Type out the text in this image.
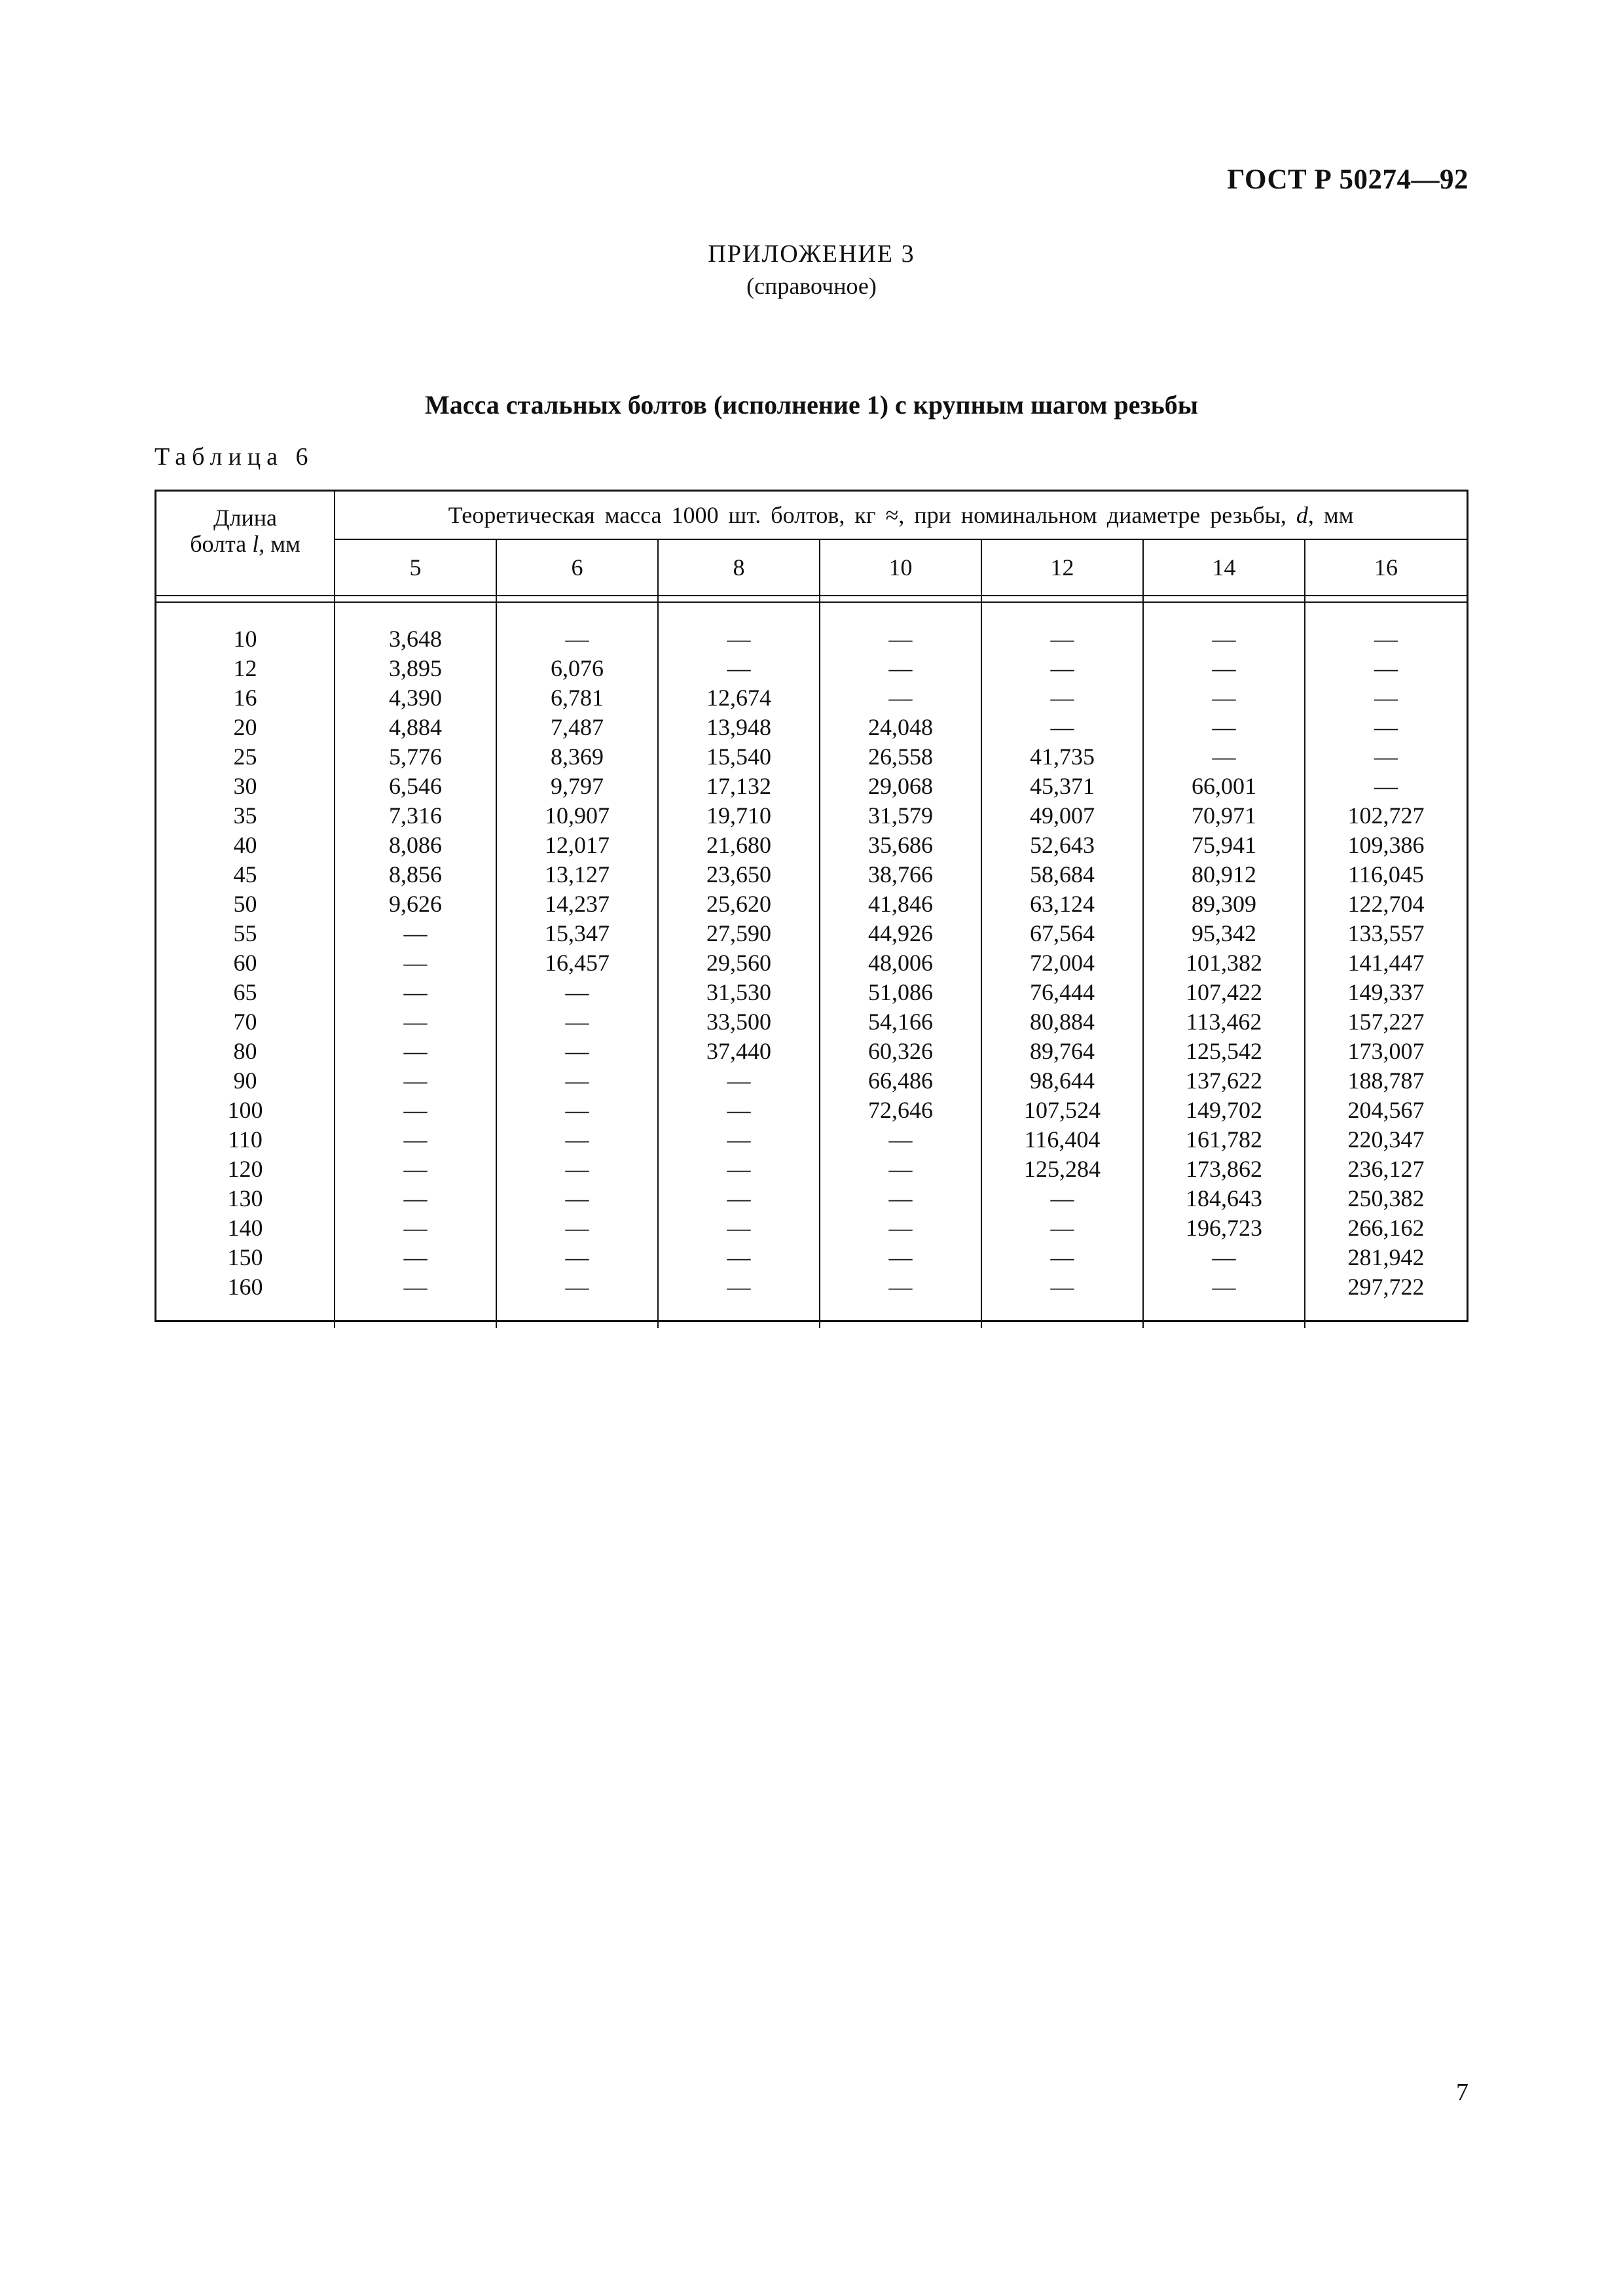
ГОСТ Р 50274—92
ПРИЛОЖЕНИЕ 3
(справочное)
Масса стальных болтов (исполнение 1) с крупным шагом резьбы
Таблица 6
Длина
болта l, мм	Теоретическая масса 1000 шт. болтов, кг ≈, при номинальном диаметре резьбы, d, мм						
	5	6	8	10	12	14	16

10	3,648	—	—	—	—	—	—
12	3,895	6,076	—	—	—	—	—
16	4,390	6,781	12,674	—	—	—	—
20	4,884	7,487	13,948	24,048	—	—	—
25	5,776	8,369	15,540	26,558	41,735	—	—
30	6,546	9,797	17,132	29,068	45,371	66,001	—
35	7,316	10,907	19,710	31,579	49,007	70,971	102,727
40	8,086	12,017	21,680	35,686	52,643	75,941	109,386
45	8,856	13,127	23,650	38,766	58,684	80,912	116,045
50	9,626	14,237	25,620	41,846	63,124	89,309	122,704
55	—	15,347	27,590	44,926	67,564	95,342	133,557
60	—	16,457	29,560	48,006	72,004	101,382	141,447
65	—	—	31,530	51,086	76,444	107,422	149,337
70	—	—	33,500	54,166	80,884	113,462	157,227
80	—	—	37,440	60,326	89,764	125,542	173,007
90	—	—	—	66,486	98,644	137,622	188,787
100	—	—	—	72,646	107,524	149,702	204,567
110	—	—	—	—	116,404	161,782	220,347
120	—	—	—	—	125,284	173,862	236,127
130	—	—	—	—	—	184,643	250,382
140	—	—	—	—	—	196,723	266,162
150	—	—	—	—	—	—	281,942
160	—	—	—	—	—	—	297,722

7
